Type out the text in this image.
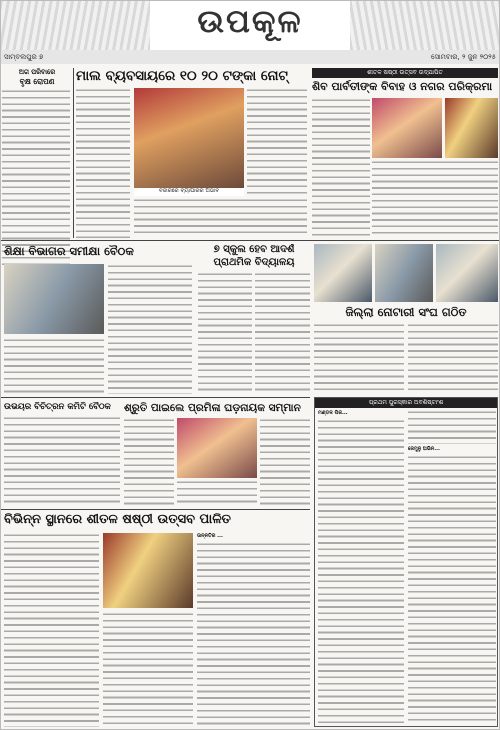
ଉପକୂଳ
ସାମ୍ବଲପୁର ୭	ସୋମବାର, ୨ ଜୁନ ୨୦୨୫
ଅଗ ପରିବାରେ
ବୃକ୍ଷ ରୋପଣ	ମାଲ ବ୍ୟବସାୟରେ ୧୦ ୨୦ ଟଙ୍କା ନୋଟ୍
ବଜାରରେ ବ୍ୟାପାରର ଅଭାବ
ଶୀତଳ ଷଷ୍ଠୀ ଉତ୍ସବ ଉଦ୍‌ଯାପିତ
ଶିବ ପାର୍ବତୀଙ୍କ ବିବାହ ଓ ନଗର ପରିକ୍ରମା
ଶିକ୍ଷା ବିଭାଗର ସମୀକ୍ଷା ବୈଠକ	୭ ସ୍କୁଲ ହେବ ଆଦର୍ଶ
ପ୍ରାଥମିକ ବିଦ୍ୟାଳୟ
ଜିଲ୍ଲା ନୋଟାରୀ ସଂଘ ଗଠିତ
ଉଭୟର ବିଚିତ୍ରନ କମିଟି ବୈଠକ	ଶ୍ରୁତି ପାଇଲେ ପ୍ରମିଳା ଘଡ଼ନାୟକ ସମ୍ମାନ	ପ୍ରଥମ ପୁରସ୍କାର ଅବଶିଷ୍ଟାଂଶ
ମଣ୍ଡଳ ପିକ...
ଜେମୁନୁ ଅଭିନ...
ବିଭିନ୍ନ ସ୍ଥାନରେ ଶୀତଳ ଷଷ୍ଠୀ ଉତ୍ସବ ପାଳିତ
ଉନ୍ନତିର ...
